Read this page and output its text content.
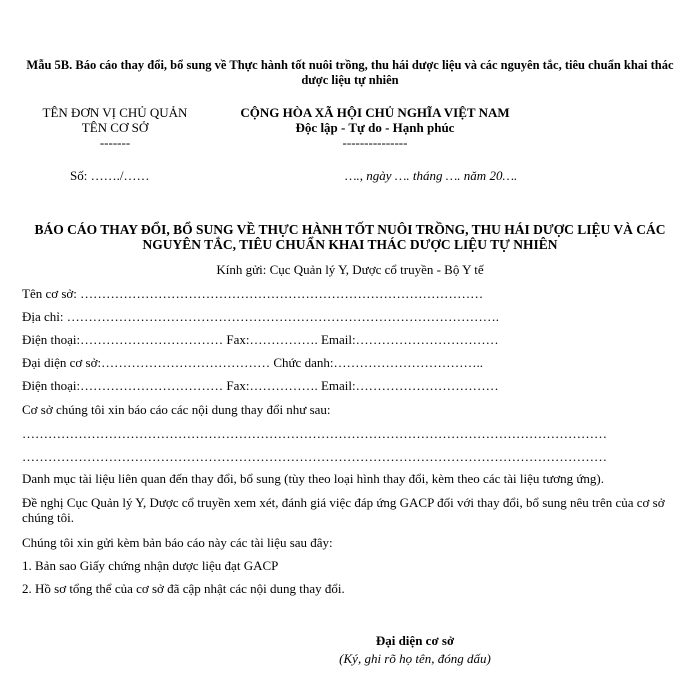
Mẫu 5B. Báo cáo thay đổi, bổ sung về Thực hành tốt nuôi trồng, thu hái dược liệu và các nguyên tắc, tiêu chuẩn khai thác dược liệu tự nhiên
TÊN ĐƠN VỊ CHỦ QUẢN
TÊN CƠ SỞ
-------
CỘNG HÒA XÃ HỘI CHỦ NGHĨA VIỆT NAM
Độc lập - Tự do - Hạnh phúc
---------------
Số: ……./……	…., ngày …. tháng …. năm 20….
BÁO CÁO THAY ĐỔI, BỔ SUNG VỀ THỰC HÀNH TỐT NUÔI TRỒNG, THU HÁI DƯỢC LIỆU VÀ CÁC NGUYÊN TẮC, TIÊU CHUẨN KHAI THÁC DƯỢC LIỆU TỰ NHIÊN
Kính gửi: Cục Quản lý Y, Dược cổ truyền - Bộ Y tế
Tên cơ sở: …………………………………………………………………………………
Địa chỉ: ……………………………………………………………………………………….
Điện thoại:…………………………… Fax:……………. Email:……………………………
Đại diện cơ sở:………………………………… Chức danh:……………………………..
Điện thoại:…………………………… Fax:……………. Email:……………………………
Cơ sở chúng tôi xin báo cáo các nội dung thay đổi như sau:
………………………………………………………………………………………………………………………
………………………………………………………………………………………………………………………
Danh mục tài liệu liên quan đến thay đổi, bổ sung (tùy theo loại hình thay đổi, kèm theo các tài liệu tương ứng).
Đề nghị Cục Quản lý Y, Dược cổ truyền xem xét, đánh giá việc đáp ứng GACP đối với thay đổi, bổ sung nêu trên của cơ sở chúng tôi.
Chúng tôi xin gửi kèm bản báo cáo này các tài liệu sau đây:
1. Bản sao Giấy chứng nhận dược liệu đạt GACP
2. Hồ sơ tổng thể của cơ sở đã cập nhật các nội dung thay đổi.
Đại diện cơ sở
(Ký, ghi rõ họ tên, đóng dấu)
